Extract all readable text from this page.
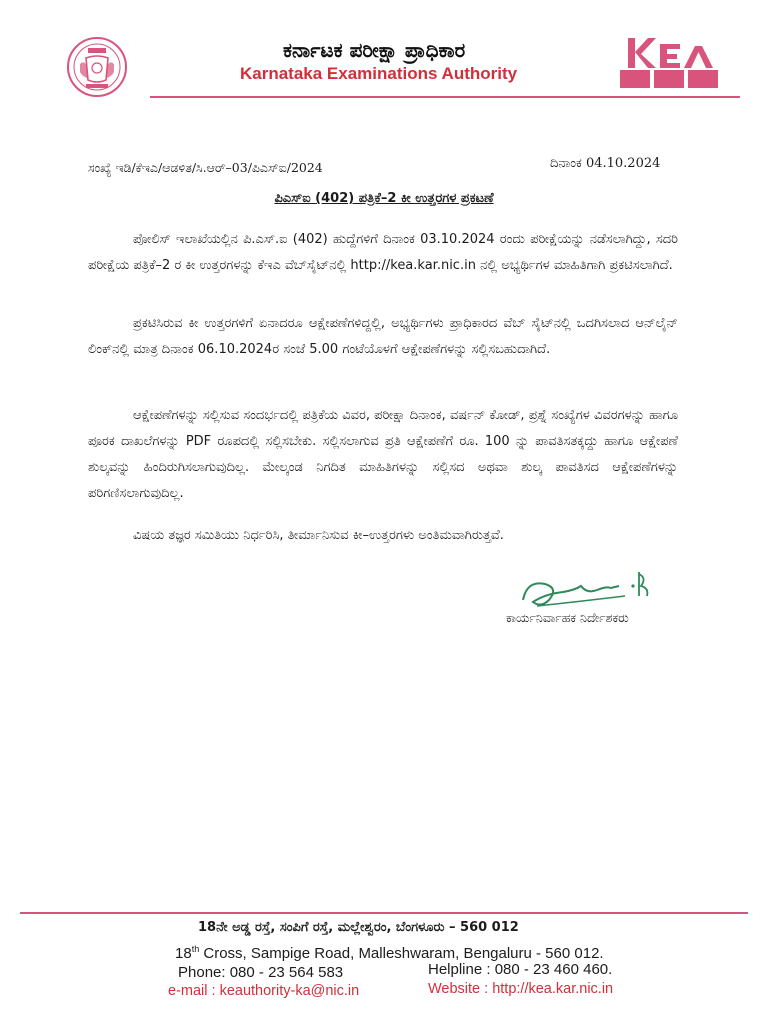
ಕರ್ನಾಟಕ ಪರೀಕ್ಷಾ ಪ್ರಾಧಿಕಾರ
Karnataka Examinations Authority
ಸಂಖ್ಯೆ ಇಡಿ/ಕೆಇಎ/ಆಡಳಿತ/ಸಿ.ಆರ್–03/ಪಿಎಸ್ಐ/2024	ದಿನಾಂಕ 04.10.2024
ಪಿಎಸ್ಐ (402) ಪತ್ರಿಕೆ–2 ಕೀ ಉತ್ತರಗಳ ಪ್ರಕಟಣೆ
ಪೋಲಿಸ್ ಇಲಾಖೆಯಲ್ಲಿನ ಪಿ.ಎಸ್.ಐ (402) ಹುದ್ದೆಗಳಿಗೆ ದಿನಾಂಕ 03.10.2024 ರಂದು ಪರೀಕ್ಷೆಯನ್ನು ನಡೆಸಲಾಗಿದ್ದು, ಸದರಿ ಪರೀಕ್ಷೆಯ ಪತ್ರಿಕೆ–2 ರ ಕೀ ಉತ್ತರಗಳನ್ನು ಕೆಇಎ ವೆಬ್‌ಸೈಟ್‌ನಲ್ಲಿ http://kea.kar.nic.in ನಲ್ಲಿ ಅಭ್ಯರ್ಥಿಗಳ ಮಾಹಿತಿಗಾಗಿ ಪ್ರಕಟಿಸಲಾಗಿದೆ.
ಪ್ರಕಟಿಸಿರುವ ಕೀ ಉತ್ತರಗಳಿಗೆ ಏನಾದರೂ ಆಕ್ಷೇಪಣೆಗಳಿದ್ದಲ್ಲಿ, ಅಭ್ಯರ್ಥಿಗಳು ಪ್ರಾಧಿಕಾರದ ವೆಬ್ ಸೈಟ್‌ನಲ್ಲಿ ಒದಗಿಸಲಾದ ಆನ್‌ಲೈನ್ ಲಿಂಕ್‌ನಲ್ಲಿ ಮಾತ್ರ ದಿನಾಂಕ 06.10.2024ರ ಸಂಜೆ 5.00 ಗಂಟೆಯೊಳಗೆ ಆಕ್ಷೇಪಣೆಗಳನ್ನು ಸಲ್ಲಿಸಬಹುದಾಗಿದೆ.
ಆಕ್ಷೇಪಣೆಗಳನ್ನು ಸಲ್ಲಿಸುವ ಸಂದರ್ಭದಲ್ಲಿ ಪತ್ರಿಕೆಯ ವಿವರ, ಪರೀಕ್ಷಾ ದಿನಾಂಕ, ವರ್ಷನ್ ಕೋಡ್, ಪ್ರಶ್ನೆ ಸಂಖ್ಯೆಗಳ ವಿವರಗಳನ್ನು ಹಾಗೂ ಪೂರಕ ದಾಖಲೆಗಳನ್ನು PDF ರೂಪದಲ್ಲಿ ಸಲ್ಲಿಸಬೇಕು. ಸಲ್ಲಿಸಲಾಗುವ ಪ್ರತಿ ಆಕ್ಷೇಪಣೆಗೆ ರೂ. 100 ನ್ನು ಪಾವತಿಸತಕ್ಕದ್ದು ಹಾಗೂ ಆಕ್ಷೇಪಣೆ ಶುಲ್ಕವನ್ನು ಹಿಂದಿರುಗಿಸಲಾಗುವುದಿಲ್ಲ. ಮೇಲ್ಕಂಡ ನಿಗದಿತ ಮಾಹಿತಿಗಳನ್ನು ಸಲ್ಲಿಸದ ಅಥವಾ ಶುಲ್ಕ ಪಾವತಿಸದ ಆಕ್ಷೇಪಣೆಗಳನ್ನು ಪರಿಗಣಿಸಲಾಗುವುದಿಲ್ಲ.
ವಿಷಯ ತಜ್ಞರ ಸಮಿತಿಯು ನಿರ್ಧರಿಸಿ, ತೀರ್ಮಾನಿಸುವ ಕೀ–ಉತ್ತರಗಳು ಅಂತಿಮವಾಗಿರುತ್ತವೆ.
ಕಾರ್ಯನಿರ್ವಾಹಕ ನಿರ್ದೇಶಕರು
18ನೇ ಅಡ್ಡ ರಸ್ತೆ, ಸಂಪಿಗೆ ರಸ್ತೆ, ಮಲ್ಲೇಶ್ವರಂ, ಬೆಂಗಳೂರು – 560 012
18th Cross, Sampige Road, Malleshwaram, Bengaluru - 560 012.
Phone: 080 - 23 564 583	Helpline : 080 - 23 460 460.
e-mail : keauthority-ka@nic.in	Website : http://kea.kar.nic.in
